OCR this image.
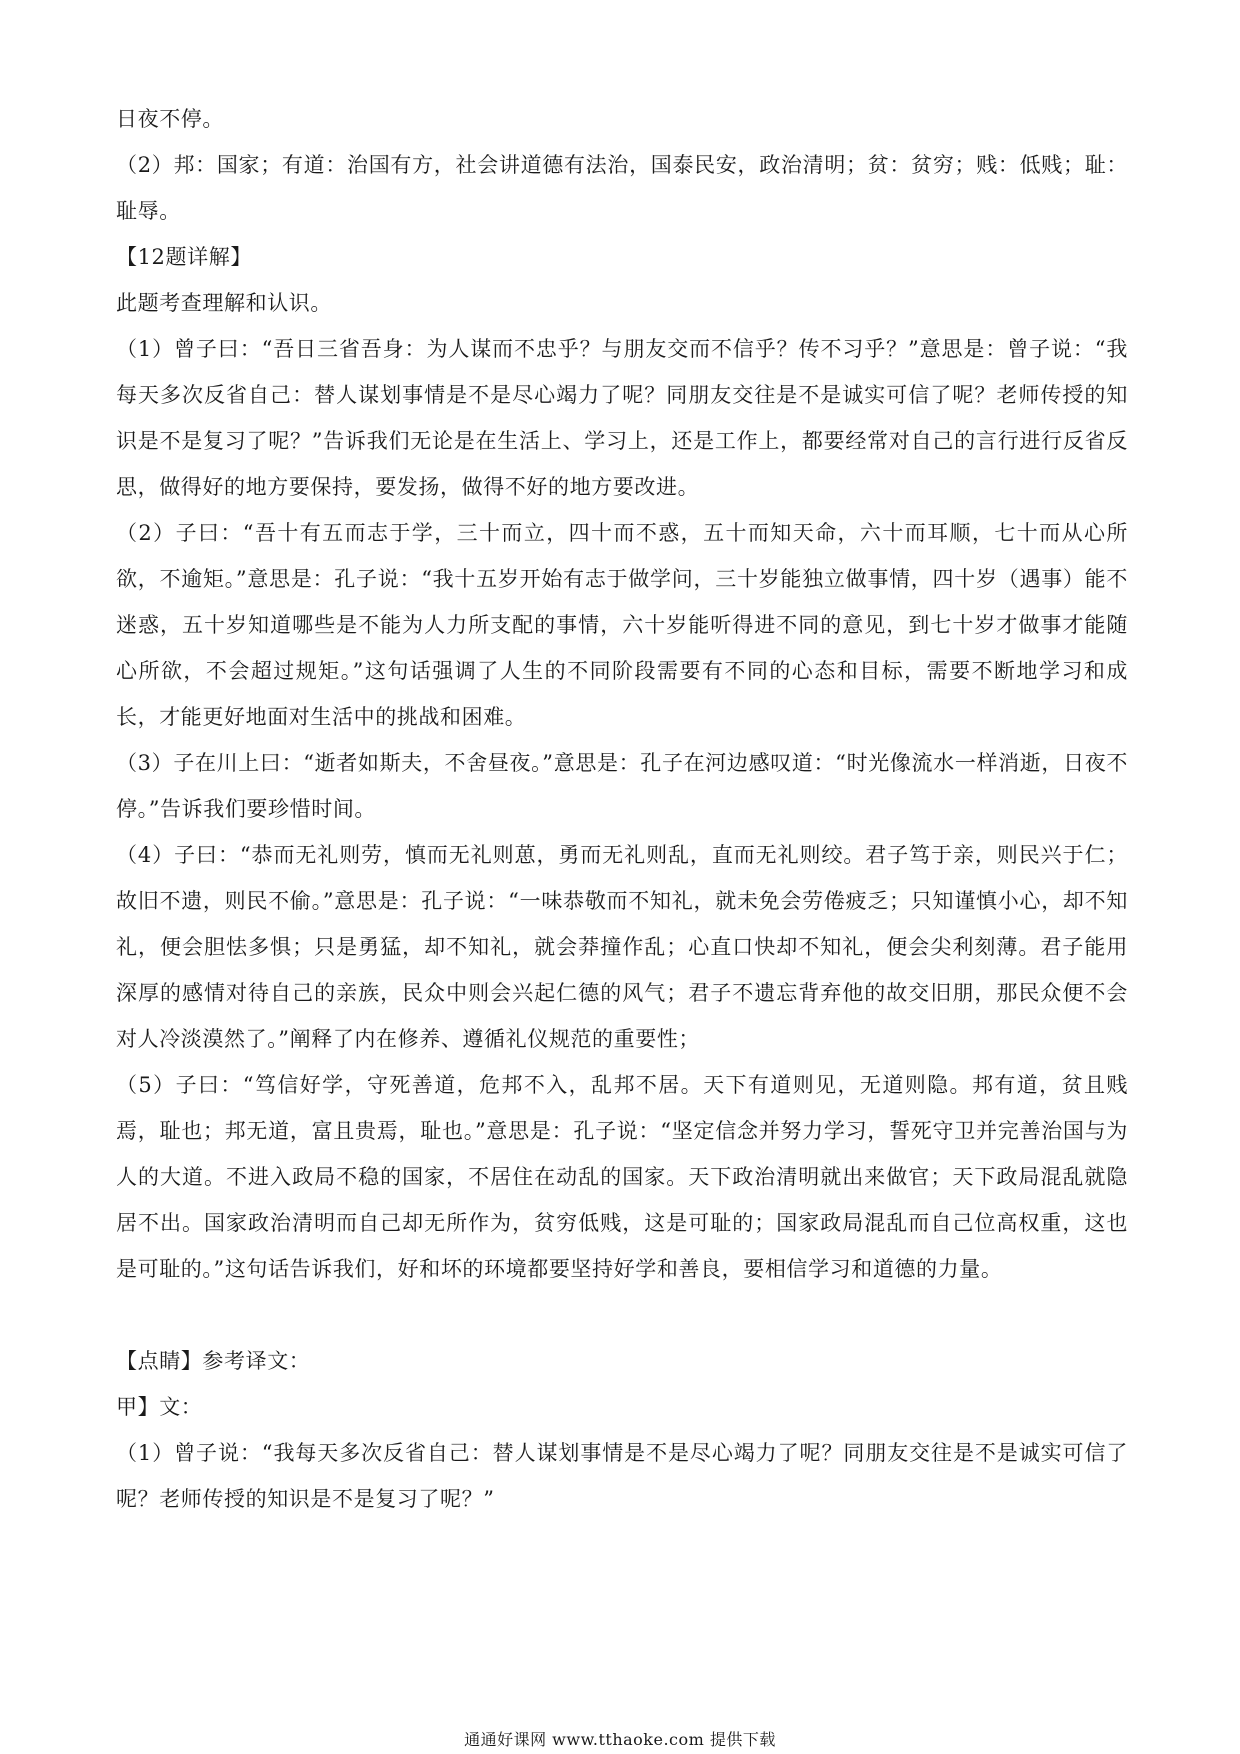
日夜不停。

（2）邦：国家；有道：治国有方，社会讲道德有法治，国泰民安，政治清明；贫：贫穷；贱：低贱；耻：耻辱。

【12题详解】

此题考查理解和认识。

（1）曾子曰：“吾日三省吾身：为人谋而不忠乎？与朋友交而不信乎？传不习乎？”意思是：曾子说：“我每天多次反省自己：替人谋划事情是不是尽心竭力了呢？同朋友交往是不是诚实可信了呢？老师传授的知识是不是复习了呢？”告诉我们无论是在生活上、学习上，还是工作上，都要经常对自己的言行进行反省反思，做得好的地方要保持，要发扬，做得不好的地方要改进。

（2）子曰：“吾十有五而志于学，三十而立，四十而不惑，五十而知天命，六十而耳顺，七十而从心所欲，不逾矩。”意思是：孔子说：“我十五岁开始有志于做学问，三十岁能独立做事情，四十岁（遇事）能不迷惑，五十岁知道哪些是不能为人力所支配的事情，六十岁能听得进不同的意见，到七十岁才做事才能随心所欲，不会超过规矩。”这句话强调了人生的不同阶段需要有不同的心态和目标，需要不断地学习和成长，才能更好地面对生活中的挑战和困难。

（3）子在川上曰：“逝者如斯夫，不舍昼夜。”意思是：孔子在河边感叹道：“时光像流水一样消逝，日夜不停。”告诉我们要珍惜时间。

（4）子曰：“恭而无礼则劳，慎而无礼则葸，勇而无礼则乱，直而无礼则绞。君子笃于亲，则民兴于仁；故旧不遗，则民不偷。”意思是：孔子说：“一味恭敬而不知礼，就未免会劳倦疲乏；只知谨慎小心，却不知礼，便会胆怯多惧；只是勇猛，却不知礼，就会莽撞作乱；心直口快却不知礼，便会尖利刻薄。君子能用深厚的感情对待自己的亲族，民众中则会兴起仁德的风气；君子不遗忘背弃他的故交旧朋，那民众便不会对人冷淡漠然了。”阐释了内在修养、遵循礼仪规范的重要性；

（5）子曰：“笃信好学，守死善道，危邦不入，乱邦不居。天下有道则见，无道则隐。邦有道，贫且贱焉，耻也；邦无道，富且贵焉，耻也。”意思是：孔子说：“坚定信念并努力学习，誓死守卫并完善治国与为人的大道。不进入政局不稳的国家，不居住在动乱的国家。天下政治清明就出来做官；天下政局混乱就隐居不出。国家政治清明而自己却无所作为，贫穷低贱，这是可耻的；国家政局混乱而自己位高权重，这也是可耻的。”这句话告诉我们，好和坏的环境都要坚持好学和善良，要相信学习和道德的力量。

【点睛】参考译文：

甲】文：

（1）曾子说：“我每天多次反省自己：替人谋划事情是不是尽心竭力了呢？同朋友交往是不是诚实可信了呢？老师传授的知识是不是复习了呢？”

通通好课网 www.tthaoke.com 提供下载
